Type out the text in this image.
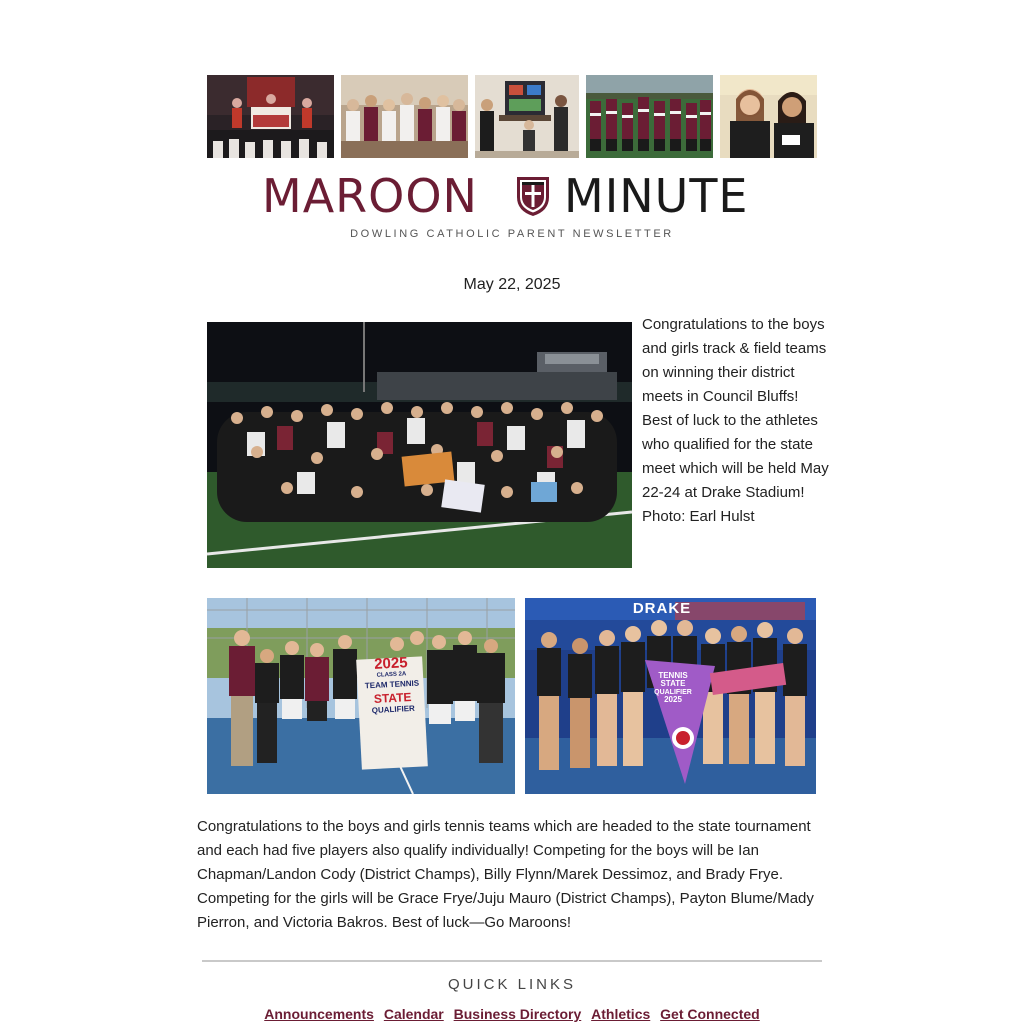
MAROON MINUTE
DOWLING CATHOLIC PARENT NEWSLETTER
May 22, 2025
Congratulations to the boys and girls track & field teams on winning their district meets in Council Bluffs! Best of luck to the athletes who qualified for the state meet which will be held May 22-24 at Drake Stadium! Photo: Earl Hulst
2025
CLASS 2A
TEAM TENNIS
STATE
QUALIFIER
DRAKE
TENNIS
STATE
QUALIFIER
2025
Congratulations to the boys and girls tennis teams which are headed to the state tournament and each had five players also qualify individually! Competing for the boys will be Ian Chapman/Landon Cody (District Champs), Billy Flynn/Marek Dessimoz, and Brady Frye. Competing for the girls will be Grace Frye/Juju Mauro (District Champs), Payton Blume/Mady Pierron, and Victoria Bakros. Best of luck—Go Maroons!
QUICK LINKS
Announcements Calendar Business Directory Athletics Get Connected
